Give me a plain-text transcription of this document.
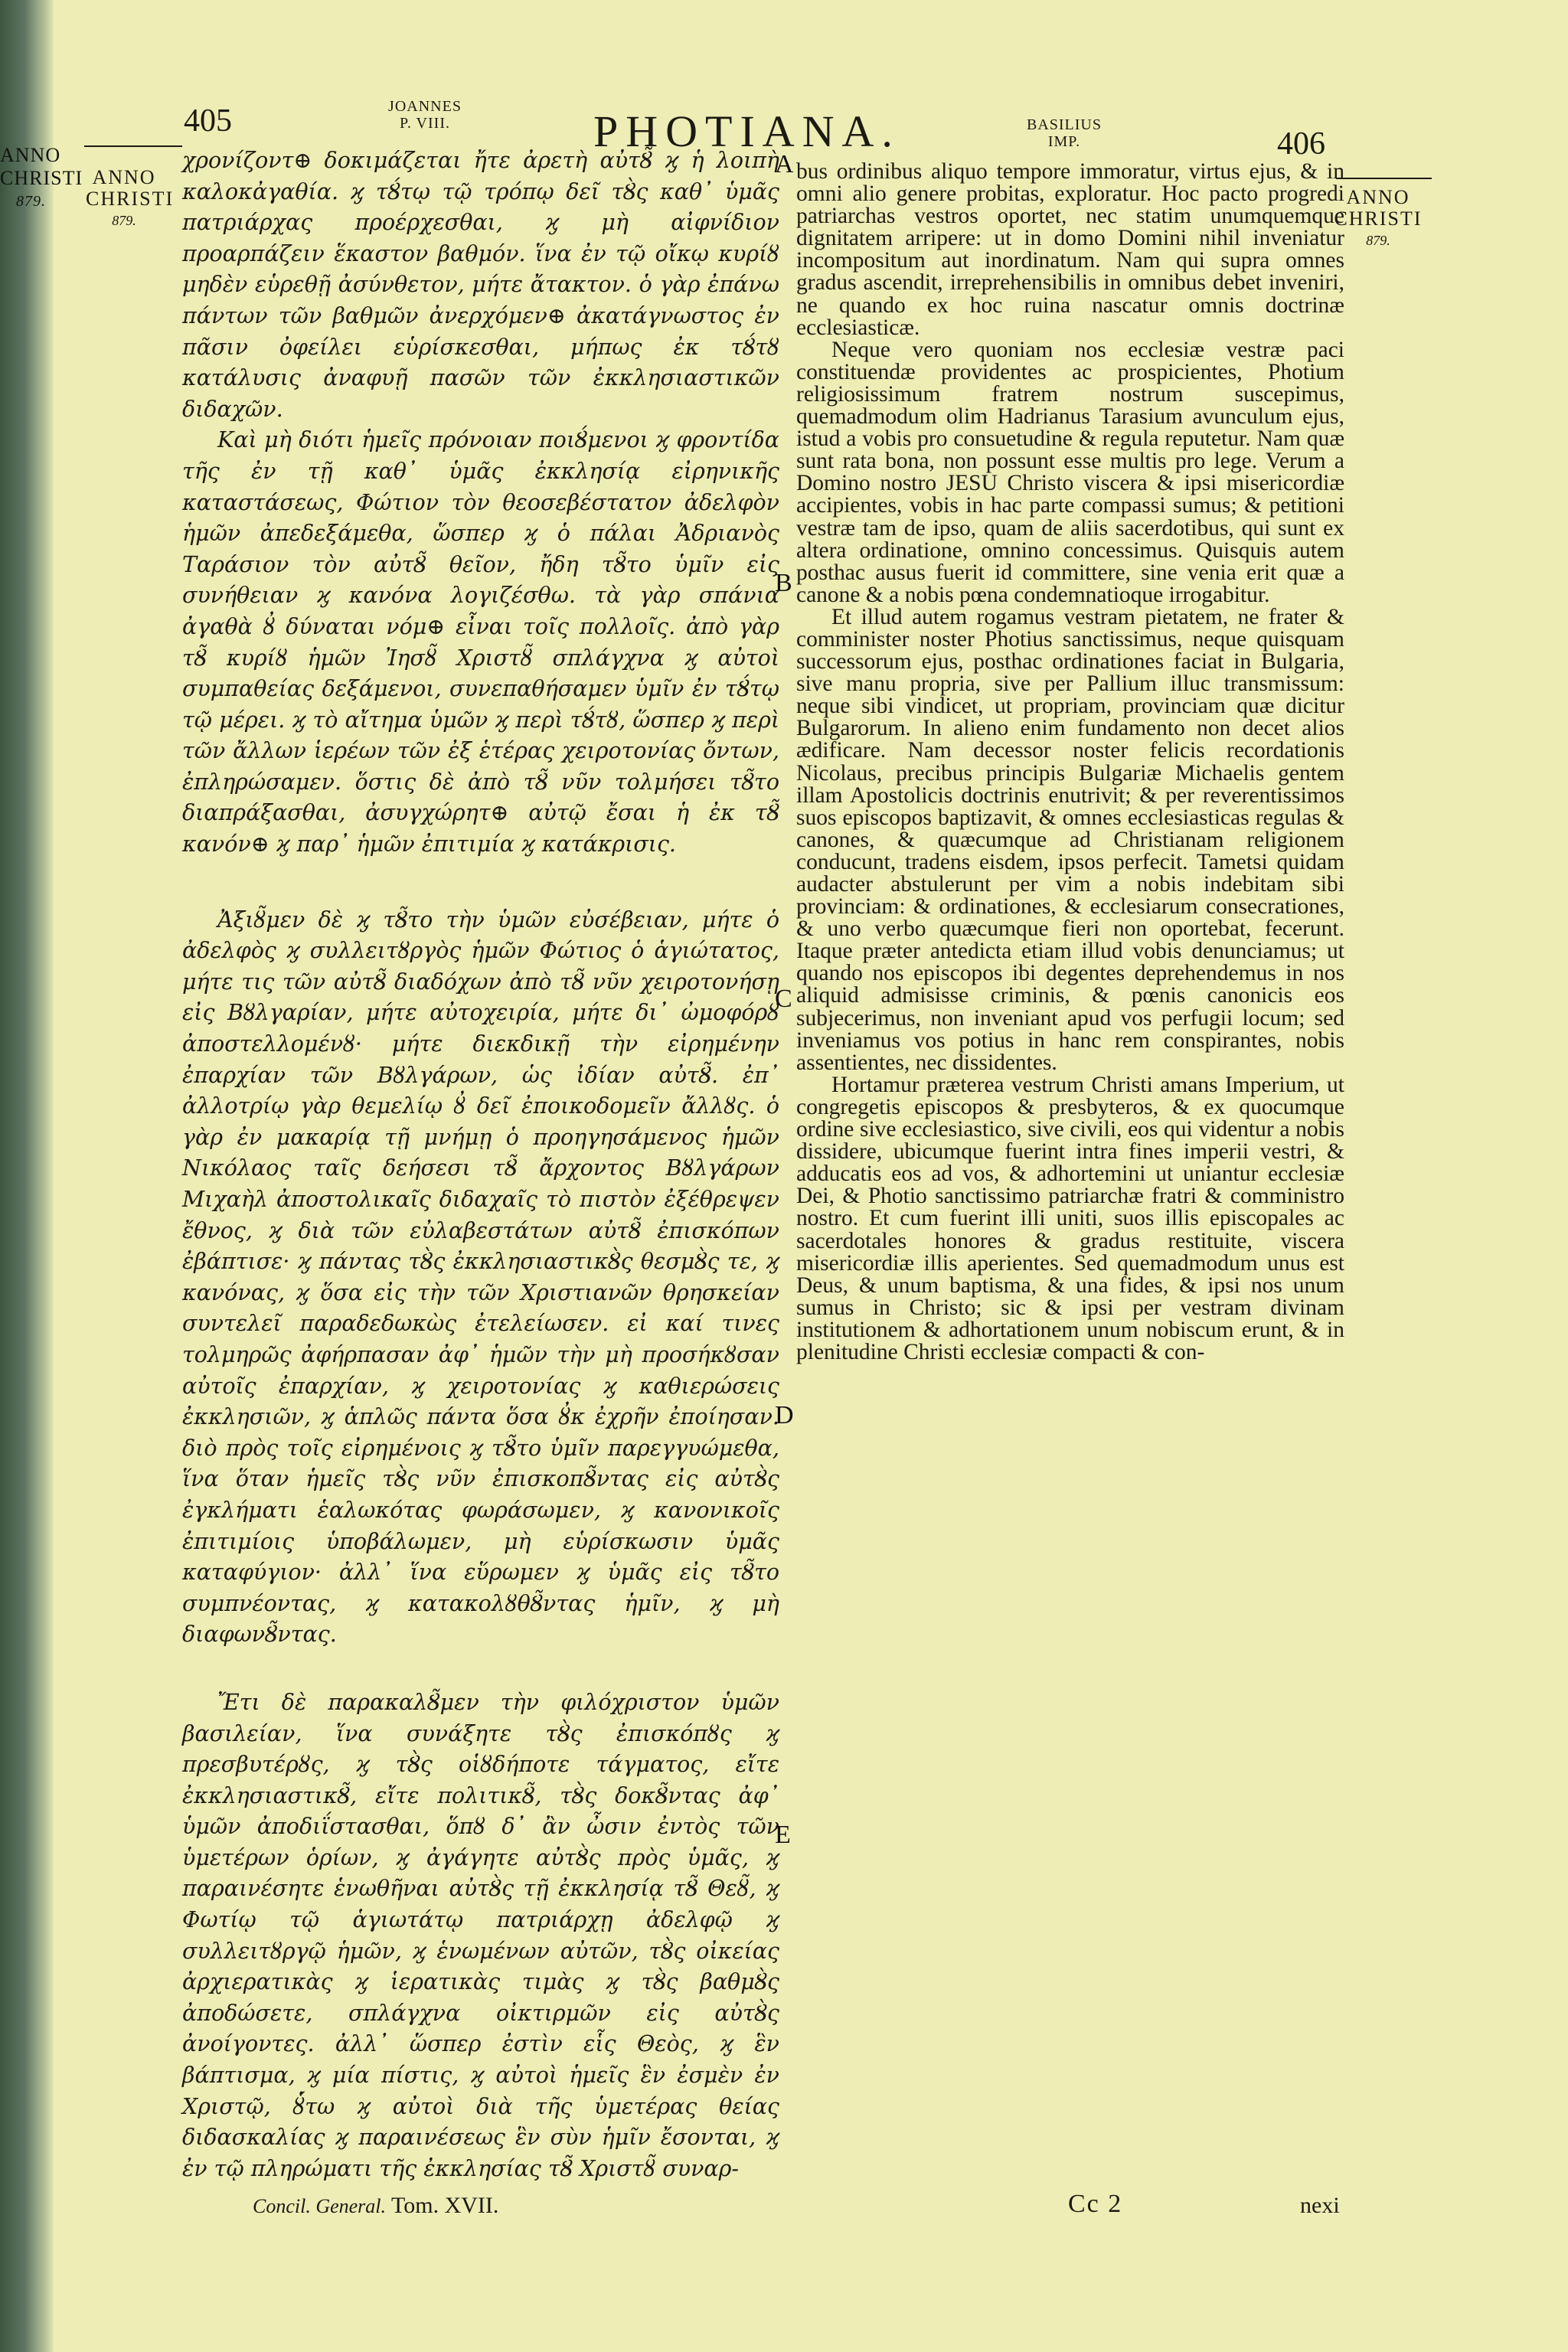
ANNO
CHRISTI
879.
405	JOANNES
P. VIII.	PHOTIANA.	BASILIUS
IMP.	406
ANNO
CHRISTI
879.
ANNO
CHRISTI
879.

χρονίζοντ⊕ δοκιμάζεται ἤτε ἀρετὴ αὐτȢ̃ ϗ ἡ λοιπὴ καλοκἀγαθία. ϗ τȢ́τῳ τῷ τρόπῳ δεῖ τȢ̀ς καθ᾽ ὑμᾶς πατριάρχας προέρχεσθαι, ϗ μὴ αἰφνίδιον προαρπάζειν ἕκαστον βαθμόν. ἵνα ἐν τῷ οἴκῳ κυρίȣ μηδὲν εὑρεθῇ ἀσύνθετον, μήτε ἄτακτον. ὁ γὰρ ἐπάνω πάντων τῶν βαθμῶν ἀνερχόμεν⊕ ἀκατάγνωστος ἐν πᾶσιν ὀφείλει εὑρίσκεσθαι, μήπως ἐκ τȢ́τȣ κατάλυσις ἀναφυῇ πασῶν τῶν ἐκκλησιαστικῶν διδαχῶν.

Καὶ μὴ διότι ἡμεῖς πρόνοιαν ποιȢ́μενοι ϗ φροντίδα τῆς ἐν τῇ καθ᾽ ὑμᾶς ἐκκλησίᾳ εἰρηνικῆς καταστάσεως, Φώτιον τὸν θεοσεβέστατον ἀδελφὸν ἡμῶν ἀπεδεξάμεθα, ὥσπερ ϗ ὁ πάλαι Ἀδριανὸς Ταράσιον τὸν αὐτȢ̃ θεῖον, ἤδη τȢ̃το ὑμῖν εἰς συνήθειαν ϗ κανόνα λογιζέσθω. τὰ γὰρ σπάνια ἀγαθὰ ȣ̓ δύναται νόμ⊕ εἶναι τοῖς πολλοῖς. ἀπὸ γὰρ τȢ̃ κυρίȣ ἡμῶν Ἰησȣ̃ Χριστȣ̃ σπλάγχνα ϗ αὐτοὶ συμπαθείας δεξάμενοι, συνεπαθήσαμεν ὑμῖν ἐν τȢ́τῳ τῷ μέρει. ϗ τὸ αἴτημα ὑμῶν ϗ περὶ τȢ́τȣ, ὥσπερ ϗ περὶ τῶν ἄλλων ἱερέων τῶν ἐξ ἑτέρας χειροτονίας ὄντων, ἐπληρώσαμεν. ὅστις δὲ ἀπὸ τȢ̃ νῦν τολμήσει τȢ̃το διαπράξασθαι, ἀσυγχώρητ⊕ αὐτῷ ἔσαι ἡ ἐκ τȢ̃ κανόν⊕ ϗ παρ᾽ ἡμῶν ἐπιτιμία ϗ κατάκρισις.

Ἀξιȣ̃μεν δὲ ϗ τȢ̃το τὴν ὑμῶν εὐσέβειαν, μήτε ὁ ἀδελφὸς ϗ συλλειτȣργὸς ἡμῶν Φώτιος ὁ ἁγιώτατος, μήτε τις τῶν αὐτȢ̃ διαδόχων ἀπὸ τȢ̃ νῦν χειροτονήσῃ εἰς Βȣλγαρίαν, μήτε αὐτοχειρία, μήτε δι᾽ ὠμοφόρȣ ἀποστελλομένȣ· μήτε διεκδικῇ τὴν εἰρημένην ἐπαρχίαν τῶν Βȣλγάρων, ὡς ἰδίαν αὐτȢ̃. ἐπ᾽ ἀλλοτρίῳ γὰρ θεμελίῳ ȣ̓ δεῖ ἐποικοδομεῖν ἄλλȣς. ὁ γὰρ ἐν μακαρίᾳ τῇ μνήμῃ ὁ προηγησάμενος ἡμῶν Νικόλαος ταῖς δεήσεσι τȢ̃ ἄρχοντος Βȣλγάρων Μιχαὴλ ἀποστολικαῖς διδαχαῖς τὸ πιστὸν ἐξέθρεψεν ἔθνος, ϗ διὰ τῶν εὐλαβεστάτων αὐτȢ̃ ἐπισκόπων ἐβάπτισε· ϗ πάντας τȢ̀ς ἐκκλησιαστικȢ̀ς θεσμȢ̀ς τε, ϗ κανόνας, ϗ ὅσα εἰς τὴν τῶν Χριστιανῶν θρησκείαν συντελεῖ παραδεδωκὼς ἐτελείωσεν. εἰ καί τινες τολμηρῶς ἀφήρπασαν ἀφ᾽ ἡμῶν τὴν μὴ προσήκȣσαν αὐτοῖς ἐπαρχίαν, ϗ χειροτονίας ϗ καθιερώσεις ἐκκλησιῶν, ϗ ἁπλῶς πάντα ὅσα ȣ̓κ ἐχρῆν ἐποίησαν. διὸ πρὸς τοῖς εἰρημένοις ϗ τȢ̃το ὑμῖν παρεγγυώμεθα, ἵνα ὅταν ἡμεῖς τȢ̀ς νῦν ἐπισκοπȢ̃ντας εἰς αὐτȢ̀ς ἐγκλήματι ἑαλωκότας φωράσωμεν, ϗ κανονικοῖς ἐπιτιμίοις ὑποβάλωμεν, μὴ εὑρίσκωσιν ὑμᾶς καταφύγιον· ἀλλ᾽ ἵνα εὕρωμεν ϗ ὑμᾶς εἰς τȢ̃το συμπνέοντας, ϗ κατακολȣθȢ̃ντας ἡμῖν, ϗ μὴ διαφωνȢ̃ντας.

Ἔτι δὲ παρακαλȢ̃μεν τὴν φιλόχριστον ὑμῶν βασιλείαν, ἵνα συνάξητε τȢ̀ς ἐπισκόπȣς ϗ πρεσβυτέρȣς, ϗ τȢ̀ς οἱȣδήποτε τάγματος, εἴτε ἐκκλησιαστικȢ̃, εἴτε πολιτικȢ̃, τȢ̀ς δοκȢ̃ντας ἀφ᾽ ὑμῶν ἀποδιΐστασθαι, ὅπȣ δ᾽ ἂν ὦσιν ἐντὸς τῶν ὑμετέρων ὁρίων, ϗ ἀγάγητε αὐτȢ̀ς πρὸς ὑμᾶς, ϗ παραινέσητε ἑνωθῆναι αὐτȢ̀ς τῇ ἐκκλησίᾳ τȢ̃ Θεȣ̃, ϗ Φωτίῳ τῷ ἁγιωτάτῳ πατριάρχῃ ἀδελφῷ ϗ συλλειτȣργῷ ἡμῶν, ϗ ἑνωμένων αὐτῶν, τȢ̀ς οἰκείας ἀρχιερατικὰς ϗ ἱερατικὰς τιμὰς ϗ τȢ̀ς βαθμȢ̀ς ἀποδώσετε, σπλάγχνα οἰκτιρμῶν εἰς αὐτȢ̀ς ἀνοίγοντες. ἀλλ᾽ ὥσπερ ἐστὶν εἷς Θεὸς, ϗ ἓν βάπτισμα, ϗ μία πίστις, ϗ αὐτοὶ ἡμεῖς ἓν ἐσμὲν ἐν Χριστῷ, ȣ̔́τω ϗ αὐτοὶ διὰ τῆς ὑμετέρας θείας διδασκαλίας ϗ παραινέσεως ἓν σὺν ἡμῖν ἔσονται, ϗ ἐν τῷ πληρώματι τῆς ἐκκλησίας τȢ̃ Χριστȣ̃ συναρ-

A
B
C
D
E

bus ordinibus aliquo tempore immoratur, virtus ejus, & in omni alio genere probitas, exploratur. Hoc pacto progredi patriarchas vestros oportet, nec statim unumquemque dignitatem arripere: ut in domo Domini nihil inveniatur incompositum aut inordinatum. Nam qui supra omnes gradus ascendit, irreprehensibilis in omnibus debet inveniri, ne quando ex hoc ruina nascatur omnis doctrinæ ecclesiasticæ.

Neque vero quoniam nos ecclesiæ vestræ paci constituendæ providentes ac prospicientes, Photium religiosissimum fratrem nostrum suscepimus, quemadmodum olim Hadrianus Tarasium avunculum ejus, istud a vobis pro consuetudine & regula reputetur. Nam quæ sunt rata bona, non possunt esse multis pro lege. Verum a Domino nostro JESU Christo viscera & ipsi misericordiæ accipientes, vobis in hac parte compassi sumus; & petitioni vestræ tam de ipso, quam de aliis sacerdotibus, qui sunt ex altera ordinatione, omnino concessimus. Quisquis autem posthac ausus fuerit id committere, sine venia erit quæ a canone & a nobis pœna condemnatioque irrogabitur.

Et illud autem rogamus vestram pietatem, ne frater & comminister noster Photius sanctissimus, neque quisquam successorum ejus, posthac ordinationes faciat in Bulgaria, sive manu propria, sive per Pallium illuc transmissum: neque sibi vindicet, ut propriam, provinciam quæ dicitur Bulgarorum. In alieno enim fundamento non decet alios ædificare. Nam decessor noster felicis recordationis Nicolaus, precibus principis Bulgariæ Michaelis gentem illam Apostolicis doctrinis enutrivit; & per reverentissimos suos episcopos baptizavit, & omnes ecclesiasticas regulas & canones, & quæcumque ad Christianam religionem conducunt, tradens eisdem, ipsos perfecit. Tametsi quidam audacter abstulerunt per vim a nobis indebitam sibi provinciam: & ordinationes, & ecclesiarum consecrationes, & uno verbo quæcumque fieri non oportebat, fecerunt. Itaque præter antedicta etiam illud vobis denunciamus; ut quando nos episcopos ibi degentes deprehendemus in nos aliquid admisisse criminis, & pœnis canonicis eos subjecerimus, non inveniant apud vos perfugii locum; sed inveniamus vos potius in hanc rem conspirantes, nobis assentientes, nec dissidentes.

Hortamur præterea vestrum Christi amans Imperium, ut congregetis episcopos & presbyteros, & ex quocumque ordine sive ecclesiastico, sive civili, eos qui videntur a nobis dissidere, ubicumque fuerint intra fines imperii vestri, & adducatis eos ad vos, & adhortemini ut uniantur ecclesiæ Dei, & Photio sanctissimo patriarchæ fratri & comministro nostro. Et cum fuerint illi uniti, suos illis episcopales ac sacerdotales honores & gradus restituite, viscera misericordiæ illis aperientes. Sed quemadmodum unus est Deus, & unum baptisma, & una fides, & ipsi nos unum sumus in Christo; sic & ipsi per vestram divinam institutionem & adhortationem unum nobiscum erunt, & in plenitudine Christi ecclesiæ compacti & con-

Concil. General. Tom. XVII.	Cc 2	nexi
